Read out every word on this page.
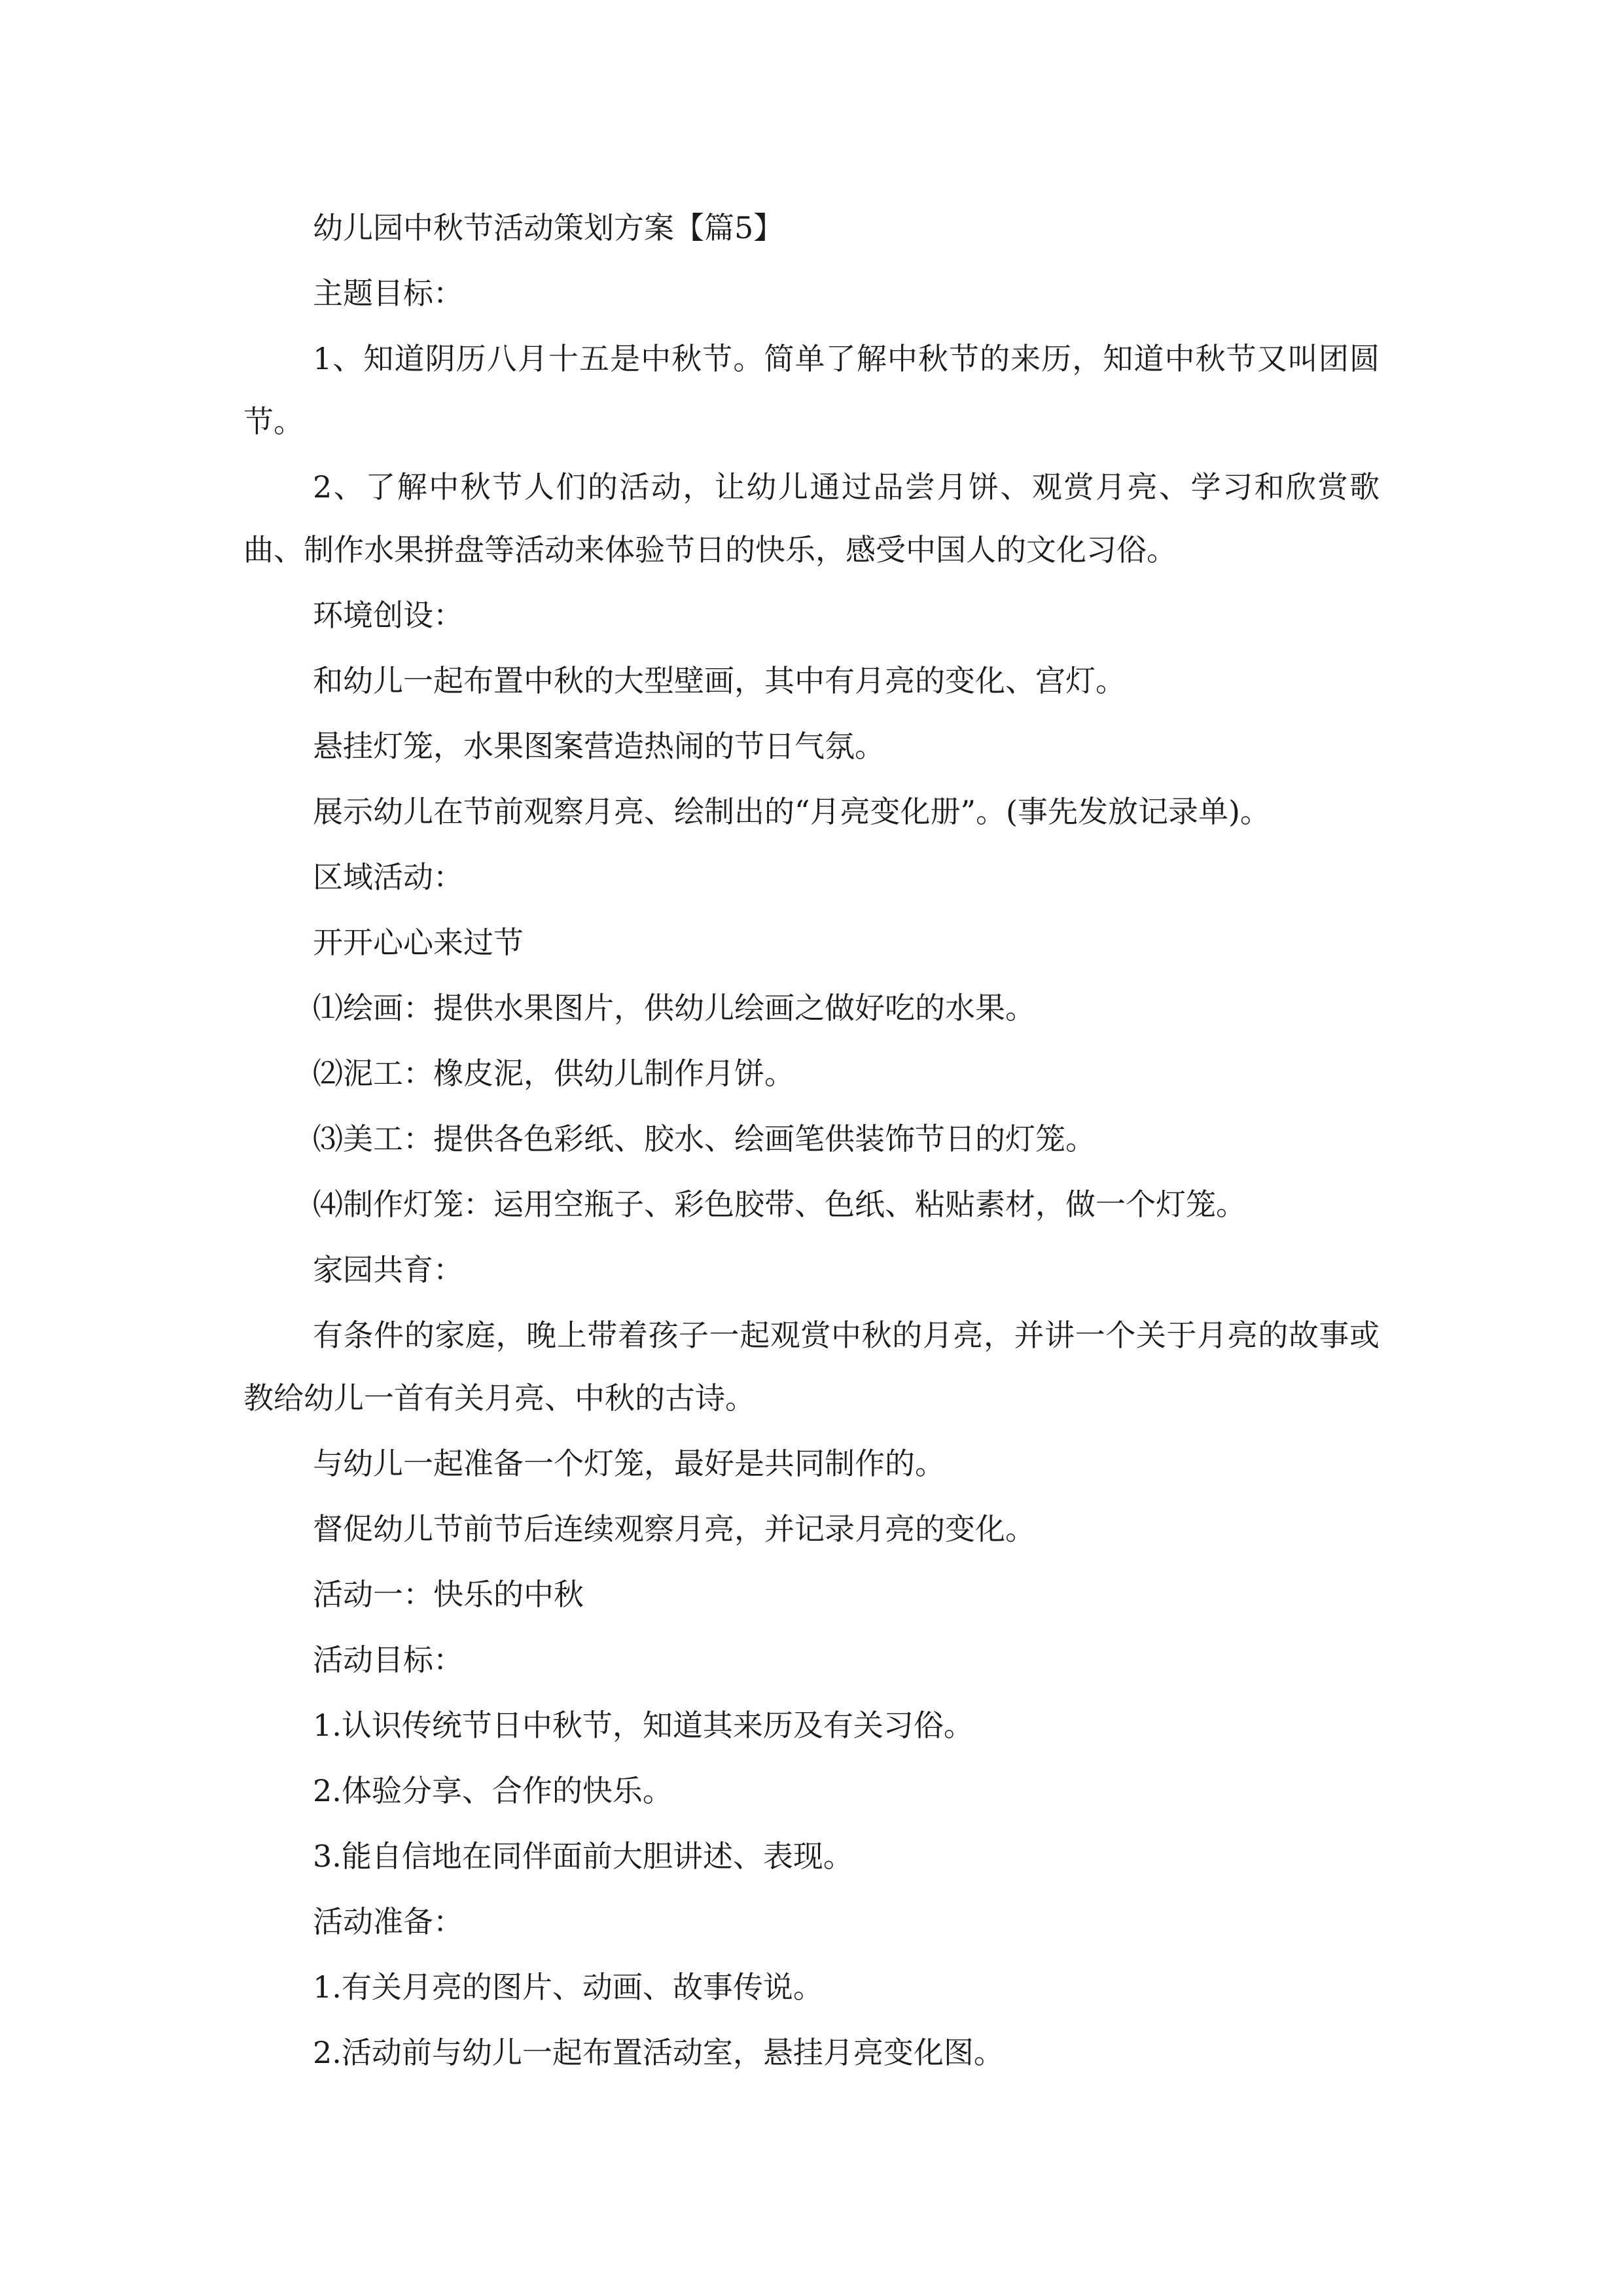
幼儿园中秋节活动策划方案【篇5】

主题目标：

1、知道阴历八月十五是中秋节。简单了解中秋节的来历，知道中秋节又叫团圆节。

2、了解中秋节人们的活动，让幼儿通过品尝月饼、观赏月亮、学习和欣赏歌曲、制作水果拼盘等活动来体验节日的快乐，感受中国人的文化习俗。

环境创设：

和幼儿一起布置中秋的大型壁画，其中有月亮的变化、宫灯。

悬挂灯笼，水果图案营造热闹的节日气氛。

展示幼儿在节前观察月亮、绘制出的“月亮变化册”。(事先发放记录单)。

区域活动：

开开心心来过节

⑴绘画：提供水果图片，供幼儿绘画之做好吃的水果。

⑵泥工：橡皮泥，供幼儿制作月饼。

⑶美工：提供各色彩纸、胶水、绘画笔供装饰节日的灯笼。

⑷制作灯笼：运用空瓶子、彩色胶带、色纸、粘贴素材，做一个灯笼。

家园共育：

有条件的家庭，晚上带着孩子一起观赏中秋的月亮，并讲一个关于月亮的故事或教给幼儿一首有关月亮、中秋的古诗。

与幼儿一起准备一个灯笼，最好是共同制作的。

督促幼儿节前节后连续观察月亮，并记录月亮的变化。

活动一：快乐的中秋

活动目标：

1.认识传统节日中秋节，知道其来历及有关习俗。

2.体验分享、合作的快乐。

3.能自信地在同伴面前大胆讲述、表现。

活动准备：

1.有关月亮的图片、动画、故事传说。

2.活动前与幼儿一起布置活动室，悬挂月亮变化图。
